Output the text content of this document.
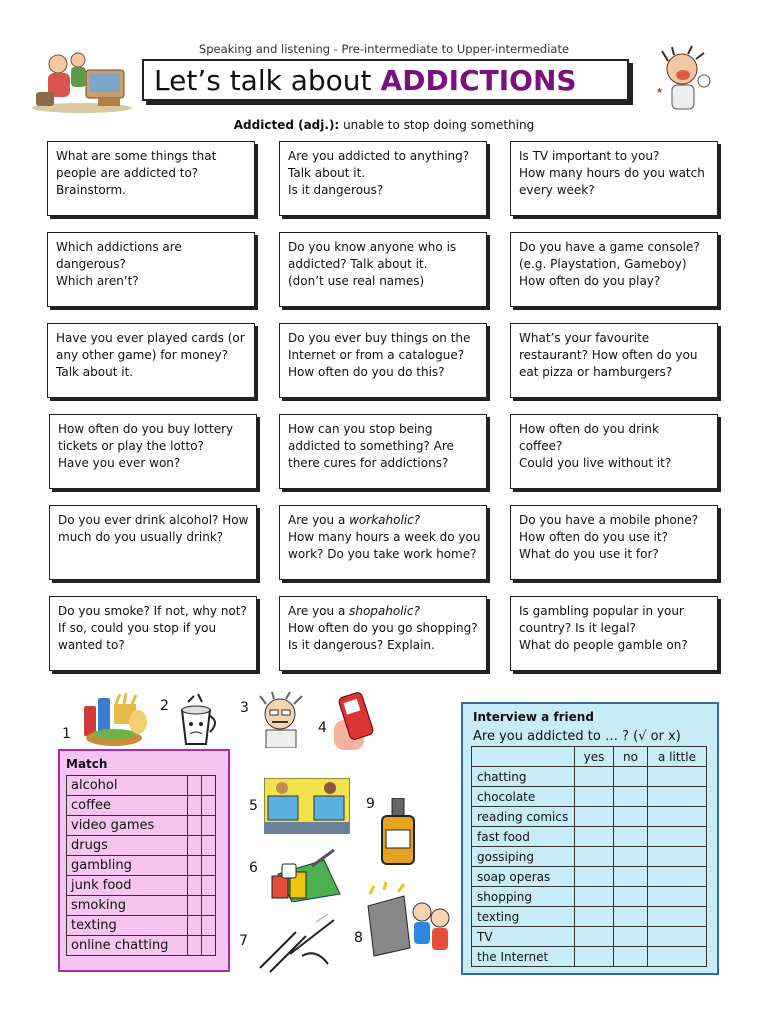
Speaking and listening - Pre-intermediate to Upper-intermediate
Let’s talk about ADDICTIONS	★
Addicted (adj.): unable to stop doing something
What are some things that
people are addicted to?
Brainstorm.
Are you addicted to anything?
Talk about it.
Is it dangerous?
Is TV important to you?
How many hours do you watch
every week?
Which addictions are
dangerous?
Which aren’t?
Do you know anyone who is
addicted? Talk about it.
(don’t use real names)
Do you have a game console?
(e.g. Playstation, Gameboy)
How often do you play?
Have you ever played cards (or
any other game) for money?
Talk about it.
Do you ever buy things on the
Internet or from a catalogue?
How often do you do this?
What’s your favourite
restaurant? How often do you
eat pizza or hamburgers?
How often do you buy lottery
tickets or play the lotto?
Have you ever won?
How can you stop being
addicted to something? Are
there cures for addictions?
How often do you drink
coffee?
Could you live without it?
Do you ever drink alcohol? How
much do you usually drink?
Are you a workaholic?
How many hours a week do you
work? Do you take work home?
Do you have a mobile phone?
How often do you use it?
What do you use it for?
Do you smoke? If not, why not?
If so, could you stop if you
wanted to?
Are you a shopaholic?
How often do you go shopping?
Is it dangerous? Explain.
Is gambling popular in your
country? Is it legal?
What do people gamble on?
1
2	3
4
5	9
6
7	8
Match
alcohol		
coffee		
video games		
drugs		
gambling		
junk food		
smoking		
texting		
online chatting		
Interview a friend
Are you addicted to … ? (√ or x)
	yes	no	a little
chatting			
chocolate			
reading comics			
fast food			
gossiping			
soap operas			
shopping			
texting			
TV			
the Internet			
